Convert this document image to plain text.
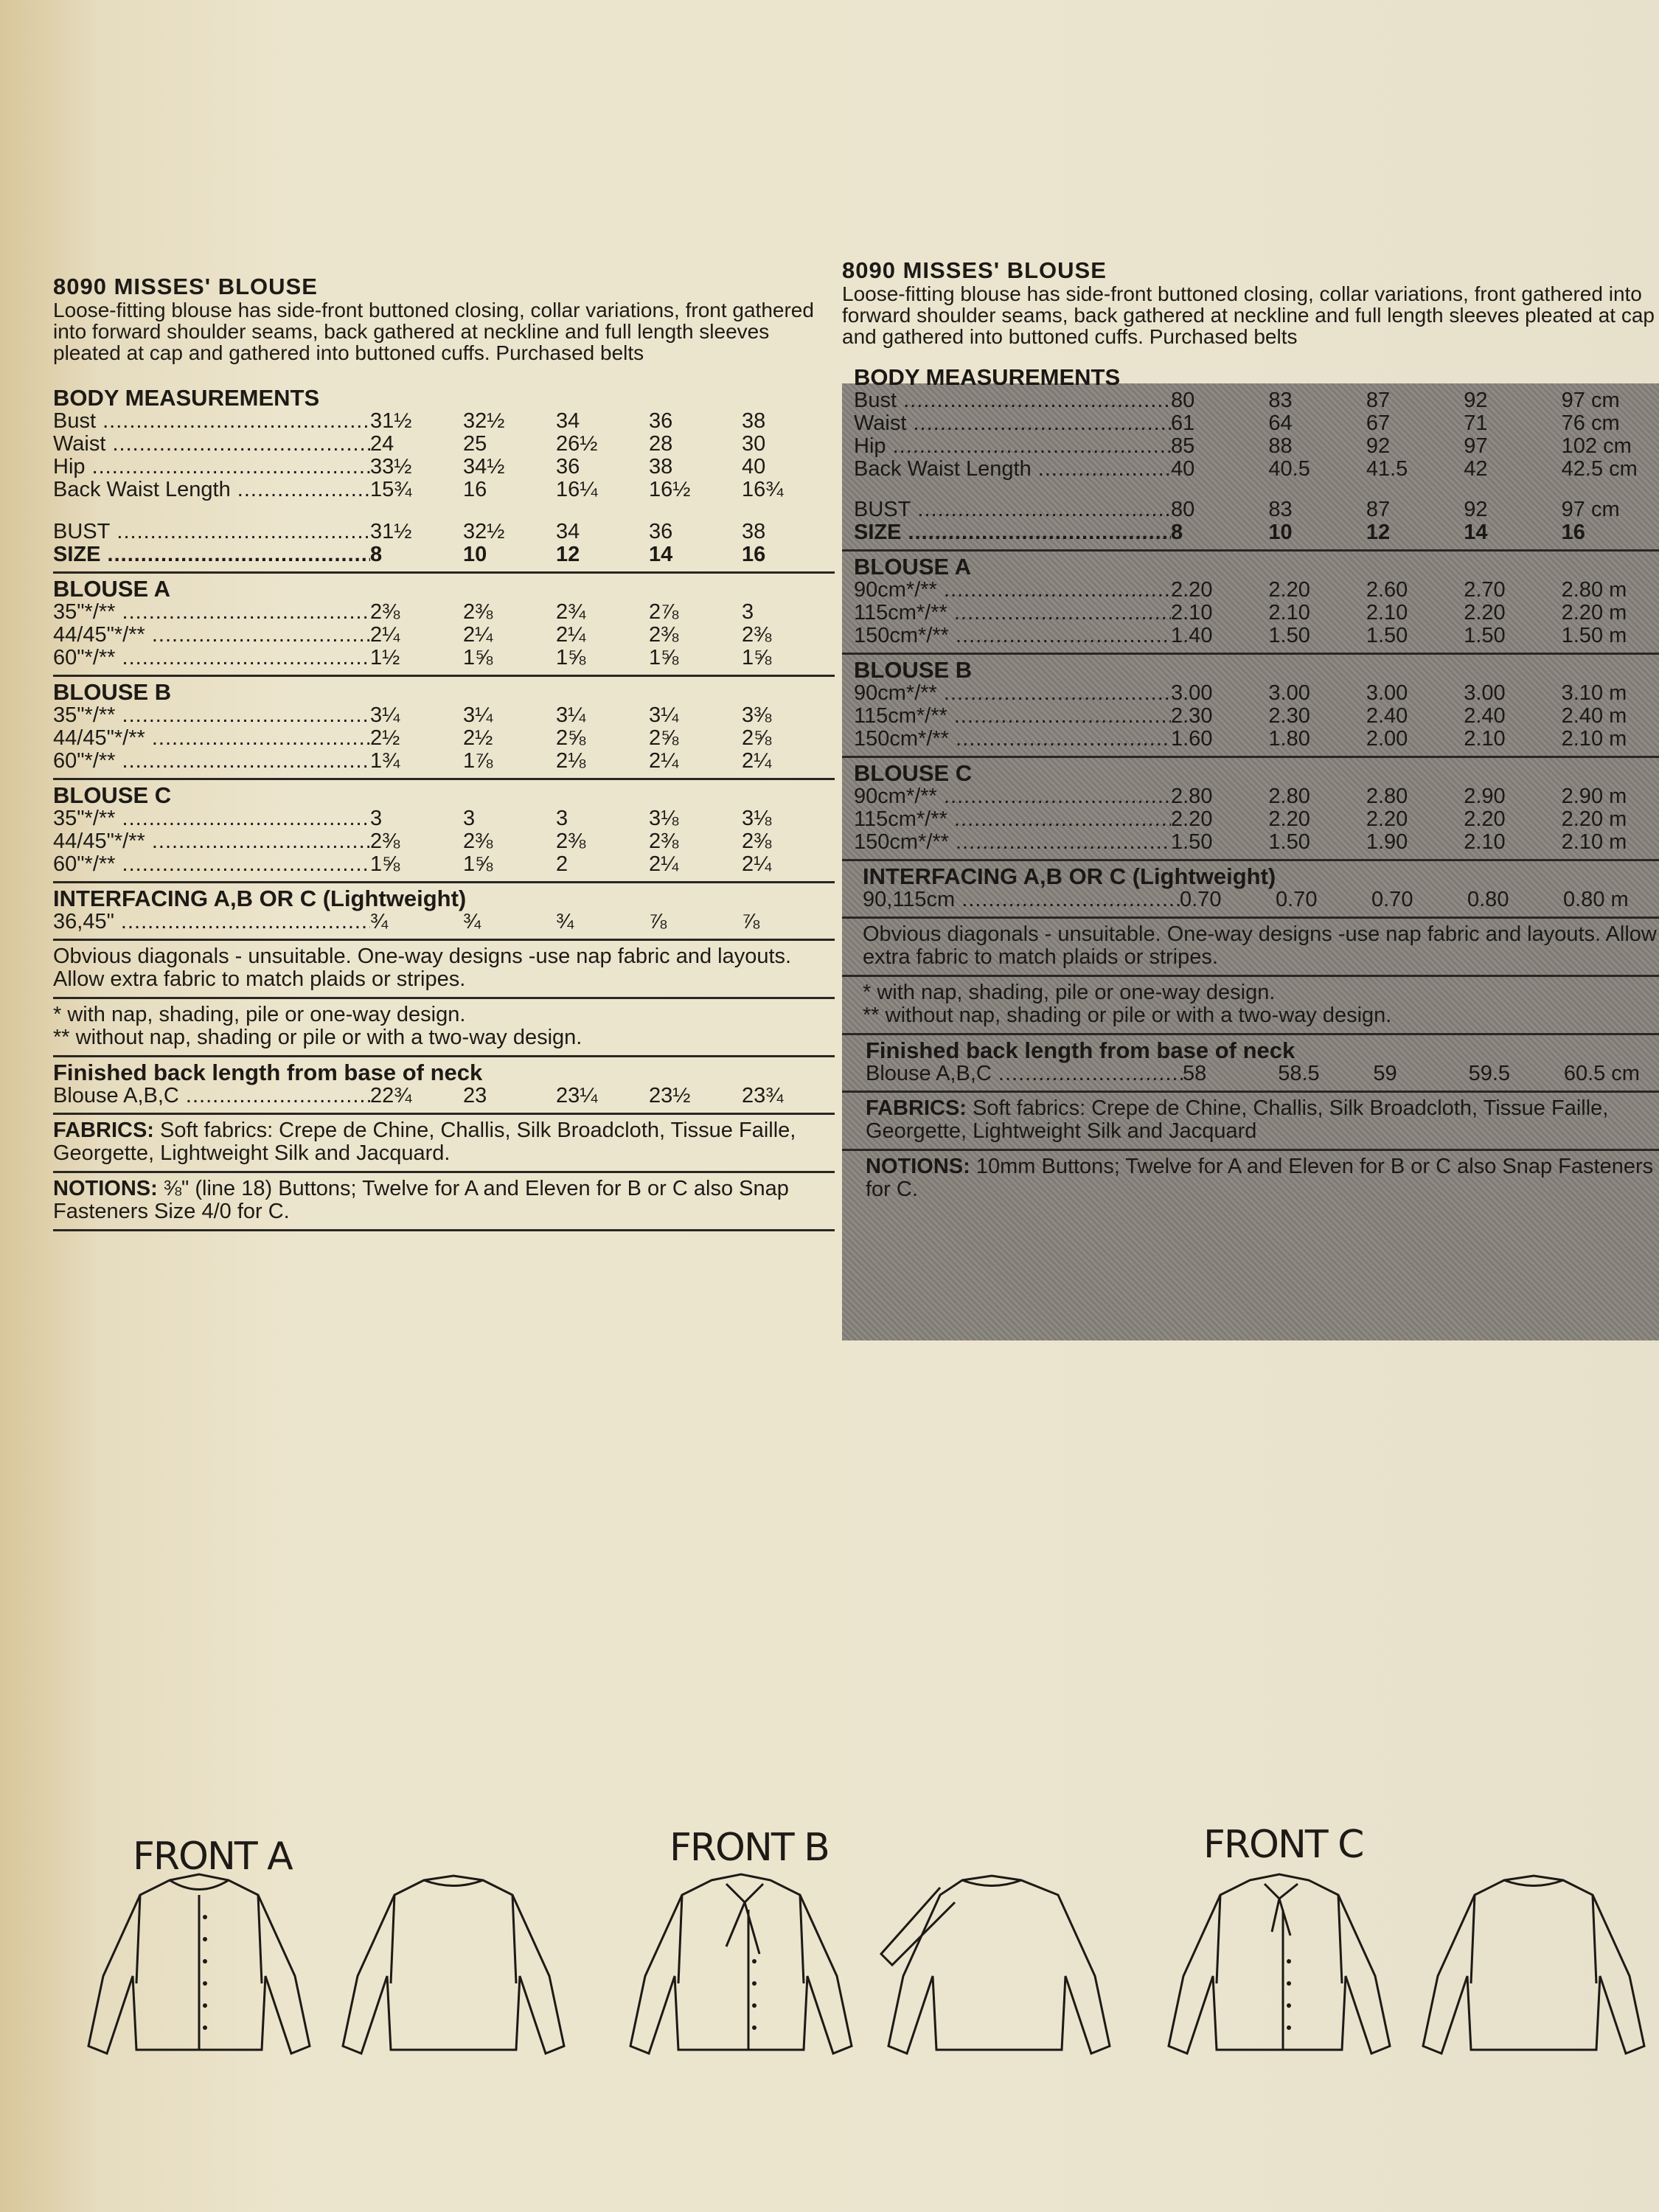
8090 MISSES' BLOUSE
Loose-fitting blouse has side-front buttoned closing, collar variations, front gathered into forward shoulder seams, back gathered at neckline and full length sleeves pleated at cap and gathered into buttoned cuffs. Purchased belts
BODY MEASUREMENTS
Bust .....	31½	32½	34	36	38
Waist .....	24	25	26½	28	30
Hip .....	33½	34½	36	38	40
Back Waist Length .....	15¾	16	16¼	16½	16¾
BUST .....	31½	32½	34	36	38
SIZE .....	8	10	12	14	16
BLOUSE A
35"*/** .....	2⅜	2⅜	2¾	2⅞	3
44/45"*/** .....	2¼	2¼	2¼	2⅜	2⅜
60"*/** .....	1½	1⅝	1⅝	1⅝	1⅝
BLOUSE B
35"*/** .....	3¼	3¼	3¼	3¼	3⅜
44/45"*/** .....	2½	2½	2⅝	2⅝	2⅝
60"*/** .....	1¾	1⅞	2⅛	2¼	2¼
BLOUSE C
35"*/** .....	3	3	3	3⅛	3⅛
44/45"*/** .....	2⅜	2⅜	2⅜	2⅜	2⅜
60"*/** .....	1⅝	1⅝	2	2¼	2¼
INTERFACING A,B OR C (Lightweight)
36,45" .....	¾	¾	¾	⅞	⅞
Obvious diagonals - unsuitable. One-way designs -use nap fabric and layouts. Allow extra fabric to match plaids or stripes.
* with nap, shading, pile or one-way design.
** without nap, shading or pile or with a two-way design.
Finished back length from base of neck
Blouse A,B,C .....	22¾	23	23¼	23½	23¾
FABRICS: Soft fabrics: Crepe de Chine, Challis, Silk Broadcloth, Tissue Faille, Georgette, Lightweight Silk and Jacquard.
NOTIONS: ⅜" (line 18) Buttons; Twelve for A and Eleven for B or C also Snap Fasteners Size 4/0 for C.
8090 MISSES' BLOUSE
Loose-fitting blouse has side-front buttoned closing, collar variations, front gathered into forward shoulder seams, back gathered at neckline and full length sleeves pleated at cap and gathered into buttoned cuffs. Purchased belts
BODY MEASUREMENTS
Bust .....	80	83	87	92	97 cm
Waist .....	61	64	67	71	76 cm
Hip .....	85	88	92	97	102 cm
Back Waist Length .....	40	40.5	41.5	42	42.5 cm
BUST .....	80	83	87	92	97 cm
SIZE .....	8	10	12	14	16
BLOUSE A
90cm*/** .....	2.20	2.20	2.60	2.70	2.80 m
115cm*/** .....	2.10	2.10	2.10	2.20	2.20 m
150cm*/** .....	1.40	1.50	1.50	1.50	1.50 m
BLOUSE B
90cm*/** .....	3.00	3.00	3.00	3.00	3.10 m
115cm*/** .....	2.30	2.30	2.40	2.40	2.40 m
150cm*/** .....	1.60	1.80	2.00	2.10	2.10 m
BLOUSE C
90cm*/** .....	2.80	2.80	2.80	2.90	2.90 m
115cm*/** .....	2.20	2.20	2.20	2.20	2.20 m
150cm*/** .....	1.50	1.50	1.90	2.10	2.10 m
INTERFACING A,B OR C (Lightweight)
90,115cm .....	0.70	0.70	0.70	0.80	0.80 m
Obvious diagonals - unsuitable. One-way designs -use nap fabric and layouts. Allow extra fabric to match plaids or stripes.
* with nap, shading, pile or one-way design.
** without nap, shading or pile or with a two-way design.
Finished back length from base of neck
Blouse A,B,C .....	58	58.5	59	59.5	60.5 cm
FABRICS: Soft fabrics: Crepe de Chine, Challis, Silk Broadcloth, Tissue Faille, Georgette, Lightweight Silk and Jacquard
NOTIONS: 10mm Buttons; Twelve for A and Eleven for B or C also Snap Fasteners for C.
FRONT A	FRONT B	FRONT C
